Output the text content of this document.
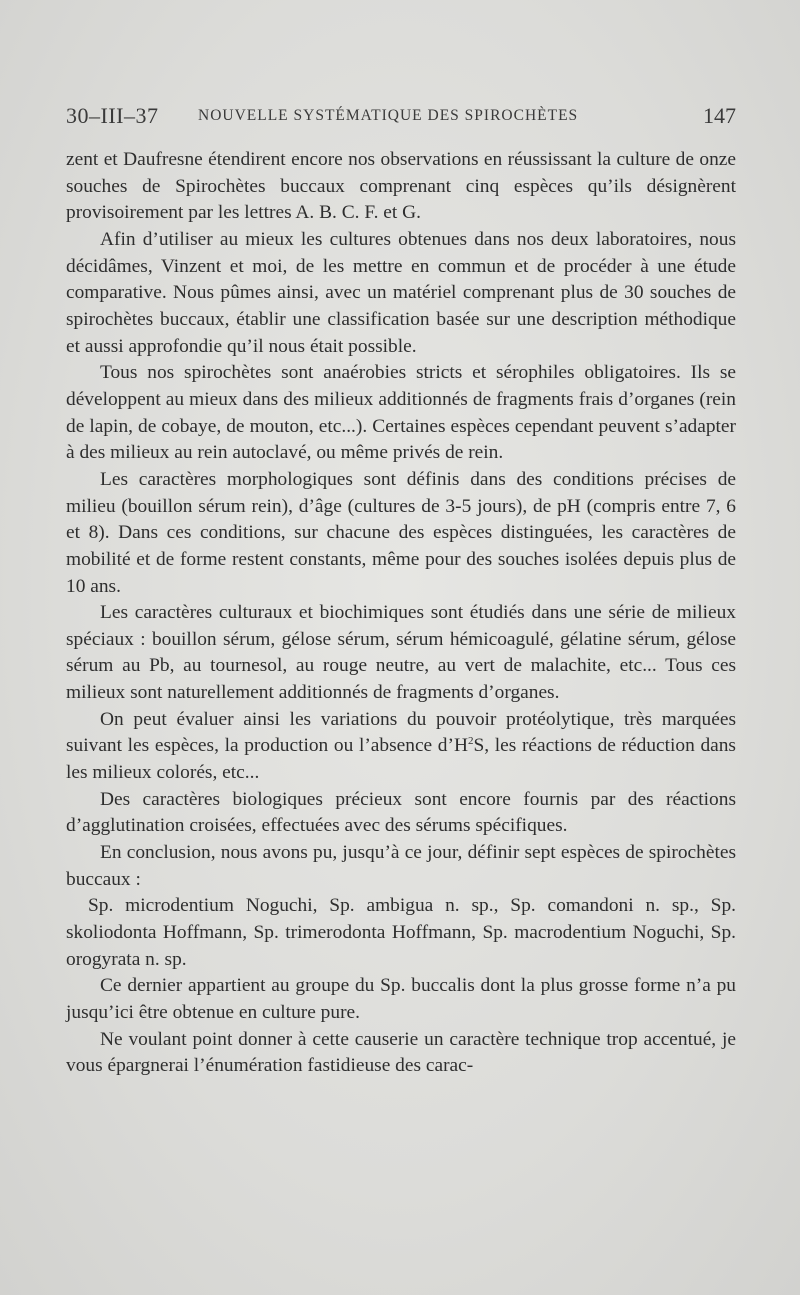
30–III–37	NOUVELLE SYSTÉMATIQUE DES SPIROCHÈTES	147

zent et Daufresne étendirent encore nos observations en réussissant la culture de onze souches de Spirochètes buccaux comprenant cinq espèces qu’ils désignèrent provisoirement par les lettres A. B. C. F. et G.

Afin d’utiliser au mieux les cultures obtenues dans nos deux laboratoires, nous décidâmes, Vinzent et moi, de les mettre en commun et de procéder à une étude comparative. Nous pûmes ainsi, avec un matériel comprenant plus de 30 souches de spirochètes buccaux, établir une classification basée sur une description méthodique et aussi approfondie qu’il nous était possible.

Tous nos spirochètes sont anaérobies stricts et sérophiles obligatoires. Ils se développent au mieux dans des milieux additionnés de fragments frais d’organes (rein de lapin, de cobaye, de mouton, etc...). Certaines espèces cependant peuvent s’adapter à des milieux au rein autoclavé, ou même privés de rein.

Les caractères morphologiques sont définis dans des conditions précises de milieu (bouillon sérum rein), d’âge (cultures de 3-5 jours), de pH (compris entre 7, 6 et 8). Dans ces conditions, sur chacune des espèces distinguées, les caractères de mobilité et de forme restent constants, même pour des souches isolées depuis plus de 10 ans.

Les caractères culturaux et biochimiques sont étudiés dans une série de milieux spéciaux : bouillon sérum, gélose sérum, sérum hémicoagulé, gélatine sérum, gélose sérum au Pb, au tournesol, au rouge neutre, au vert de malachite, etc... Tous ces milieux sont naturellement additionnés de fragments d’organes.

On peut évaluer ainsi les variations du pouvoir protéolytique, très marquées suivant les espèces, la production ou l’absence $d’H^2S$, les réactions de réduction dans les milieux colorés, etc...

Des caractères biologiques précieux sont encore fournis par des réactions d’agglutination croisées, effectuées avec des sérums spécifiques.

En conclusion, nous avons pu, jusqu’à ce jour, définir sept espèces de spirochètes buccaux :

Sp. microdentium Noguchi, Sp. ambigua n. sp., Sp. comandoni n. sp., Sp. skoliodonta Hoffmann, Sp. trimerodonta Hoffmann, Sp. macrodentium Noguchi, Sp. orogyrata n. sp.

Ce dernier appartient au groupe du Sp. buccalis dont la plus grosse forme n’a pu jusqu’ici être obtenue en culture pure.

Ne voulant point donner à cette causerie un caractère technique trop accentué, je vous épargnerai l’énumération fastidieuse des carac-
